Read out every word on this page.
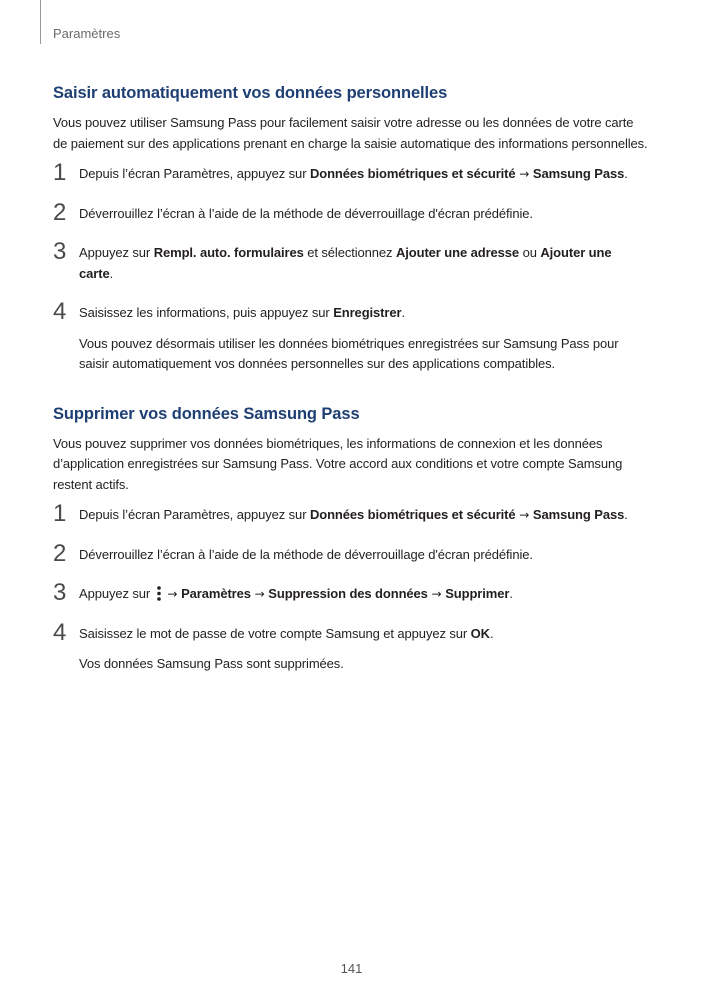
Paramètres
Saisir automatiquement vos données personnelles

Vous pouvez utiliser Samsung Pass pour facilement saisir votre adresse ou les données de votre carte de paiement sur des applications prenant en charge la saisie automatique des informations personnelles.

1 Depuis l’écran Paramètres, appuyez sur Données biométriques et sécurité → Samsung Pass.

2 Déverrouillez l’écran à l’aide de la méthode de déverrouillage d'écran prédéfinie.

3 Appuyez sur Rempl. auto. formulaires et sélectionnez Ajouter une adresse ou Ajouter une carte.

4 Saisissez les informations, puis appuyez sur Enregistrer.

Vous pouvez désormais utiliser les données biométriques enregistrées sur Samsung Pass pour saisir automatiquement vos données personnelles sur des applications compatibles.

Supprimer vos données Samsung Pass

Vous pouvez supprimer vos données biométriques, les informations de connexion et les données d’application enregistrées sur Samsung Pass. Votre accord aux conditions et votre compte Samsung restent actifs.

1 Depuis l’écran Paramètres, appuyez sur Données biométriques et sécurité → Samsung Pass.

2 Déverrouillez l’écran à l’aide de la méthode de déverrouillage d'écran prédéfinie.

3 Appuyez sur  → Paramètres → Suppression des données → Supprimer.

4 Saisissez le mot de passe de votre compte Samsung et appuyez sur OK.

Vos données Samsung Pass sont supprimées.

141
